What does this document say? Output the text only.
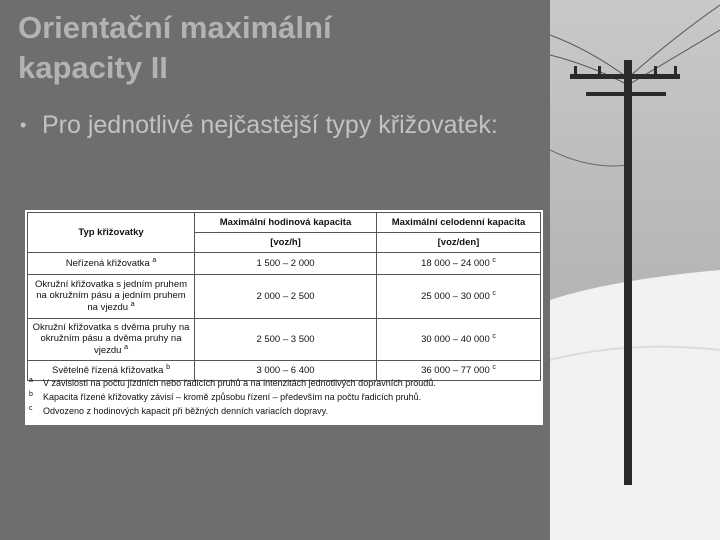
Orientační maximální
kapacity II
• Pro jednotlivé nejčastější typy křižovatek:
Typ křižovatky	Maximální hodinová kapacita	Maximální celodenní kapacita
	[voz/h]	[voz/den]
Neřízená křižovatka $^a$	1 500 – 2 000	18 000 – 24 000 $^c$
Okružní křižovatka s jedním pruhem na okružním pásu a jedním pruhem na vjezdu $^a$	2 000 – 2 500	25 000 – 30 000 $^c$
Okružní křižovatka s dvěma pruhy na okružním pásu a dvěma pruhy na vjezdu $^a$	2 500 – 3 500	30 000 – 40 000 $^c$
Světelně řízená křižovatka $^b$	3 000 – 6 400	36 000 – 77 000 $^c$
a V závislosti na počtu jízdních nebo řadicích pruhů a na intenzitách jednotlivých dopravních proudů.
b Kapacita řízené křižovatky závisí – kromě způsobu řízení – především na počtu řadicích pruhů.
c Odvozeno z hodinových kapacit při běžných denních variacích dopravy.
